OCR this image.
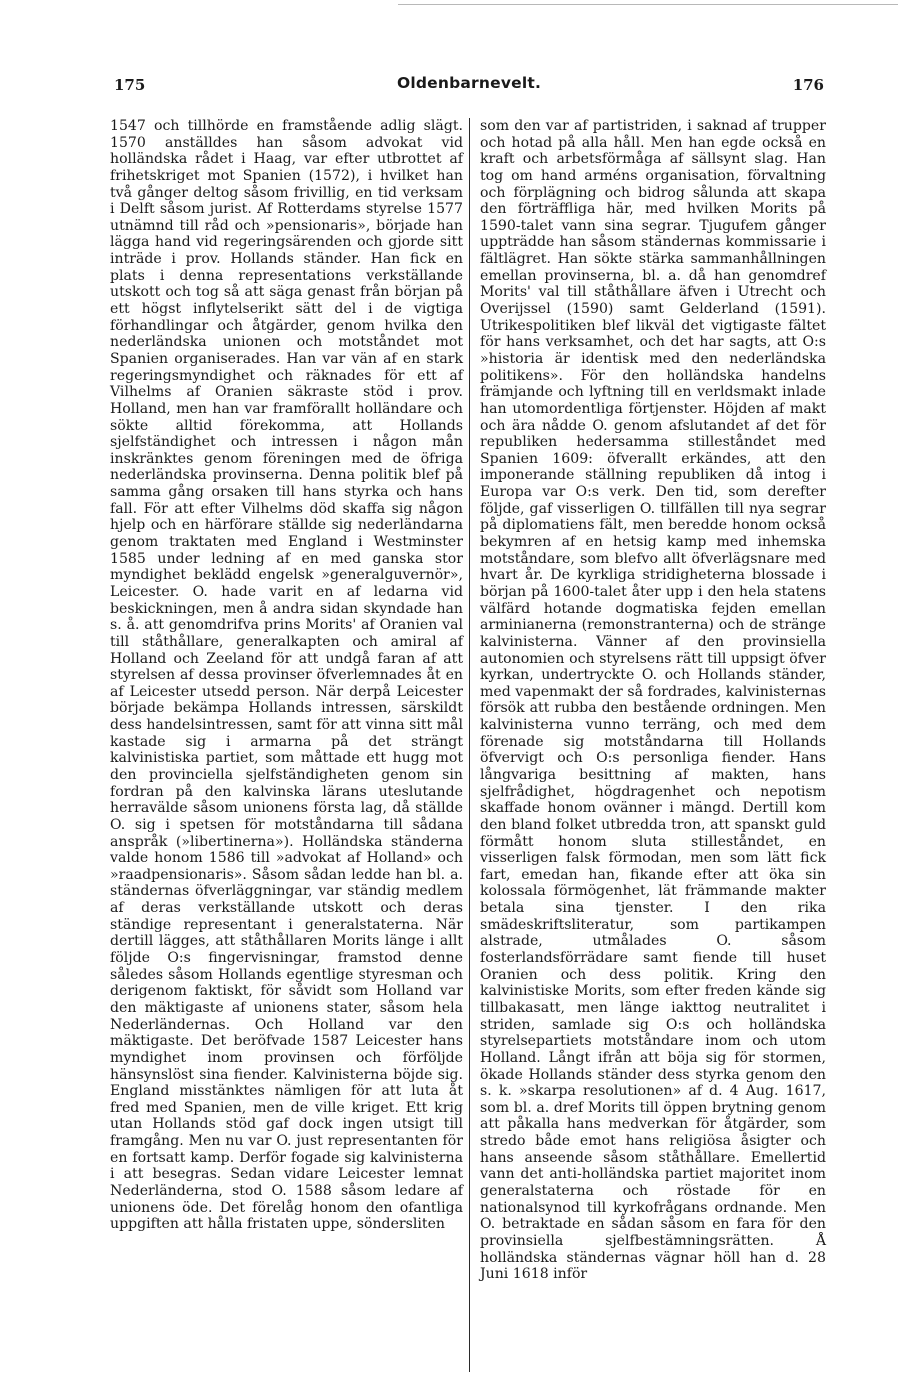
175	Oldenbarnevelt.	176

1547 och tillhörde en framstående adlig slägt. 1570 anställdes han såsom advokat vid holländska rådet i Haag, var efter utbrottet af frihetskriget mot Spanien (1572), i hvilket han två gånger deltog såsom frivillig, en tid verksam i Delft såsom jurist. Af Rotterdams styrelse 1577 utnämnd till råd och »pensionaris», började han lägga hand vid regeringsärenden och gjorde sitt inträde i prov. Hollands ständer. Han fick en plats i denna representations verkställande utskott och tog så att säga genast från början på ett högst inflytelserikt sätt del i de vigtiga förhandlingar och åtgärder, genom hvilka den nederländska unionen och motståndet mot Spanien organiserades. Han var vän af en stark regeringsmyndighet och räknades för ett af Vilhelms af Oranien säkraste stöd i prov. Holland, men han var framförallt holländare och sökte alltid förekomma, att Hollands sjelfständighet och intressen i någon mån inskränktes genom föreningen med de öfriga nederländska provinserna. Denna politik blef på samma gång orsaken till hans styrka och hans fall. För att efter Vilhelms död skaffa sig någon hjelp och en härförare ställde sig nederländarna genom traktaten med England i Westminster 1585 under ledning af en med ganska stor myndighet beklädd engelsk »generalguvernör», Leicester. O. hade varit en af ledarna vid beskickningen, men å andra sidan skyndade han s. å. att genomdrifva prins Morits' af Oranien val till ståthållare, generalkapten och amiral af Holland och Zeeland för att undgå faran af att styrelsen af dessa provinser öfverlemnades åt en af Leicester utsedd person. När derpå Leicester började bekämpa Hollands intressen, särskildt dess handelsintressen, samt för att vinna sitt mål kastade sig i armarna på det strängt kalvinistiska partiet, som måttade ett hugg mot den provinciella sjelfständigheten genom sin fordran på den kalvinska lärans uteslutande herravälde såsom unionens första lag, då ställde O. sig i spetsen för motståndarna till sådana anspråk (»libertinerna»). Holländska ständerna valde honom 1586 till »advokat af Holland» och »raadpensionaris». Såsom sådan ledde han bl. a. ständernas öfverläggningar, var ständig medlem af deras verkställande utskott och deras ständige representant i generalstaterna. När dertill lägges, att ståthållaren Morits länge i allt följde O:s fingervisningar, framstod denne således såsom Hollands egentlige styresman och derigenom faktiskt, för såvidt som Holland var den mäktigaste af unionens stater, såsom hela Nederländernas. Och Holland var den mäktigaste. Det beröfvade 1587 Leicester hans myndighet inom provinsen och förföljde hänsynslöst sina fiender. Kalvinisterna böjde sig. England misstänktes nämligen för att luta åt fred med Spanien, men de ville kriget. Ett krig utan Hollands stöd gaf dock ingen utsigt till framgång. Men nu var O. just representanten för en fortsatt kamp. Derför fogade sig kalvinisterna i att besegras. Sedan vidare Leicester lemnat Nederländerna, stod O. 1588 såsom ledare af unionens öde. Det förelåg honom den ofantliga uppgiften att hålla fristaten uppe, söndersliten

som den var af partistriden, i saknad af trupper och hotad på alla håll. Men han egde också en kraft och arbetsförmåga af sällsynt slag. Han tog om hand arméns organisation, förvaltning och förplägning och bidrog sålunda att skapa den förträffliga här, med hvilken Morits på 1590-talet vann sina segrar. Tjugufem gånger uppträdde han såsom ständernas kommissarie i fältlägret. Han sökte stärka sammanhållningen emellan provinserna, bl. a. då han genomdref Morits' val till ståthållare äfven i Utrecht och Overijssel (1590) samt Gelderland (1591). Utrikespolitiken blef likväl det vigtigaste fältet för hans verksamhet, och det har sagts, att O:s »historia är identisk med den nederländska politikens». För den holländska handelns främjande och lyftning till en verldsmakt inlade han utomordentliga förtjenster. Höjden af makt och ära nådde O. genom afslutandet af det för republiken hedersamma stilleståndet med Spanien 1609: öfverallt erkändes, att den imponerande ställning republiken då intog i Europa var O:s verk. Den tid, som derefter följde, gaf visserligen O. tillfällen till nya segrar på diplomatiens fält, men beredde honom också bekymren af en hetsig kamp med inhemska motståndare, som blefvo allt öfverlägsnare med hvart år. De kyrkliga stridigheterna blossade i början på 1600-talet åter upp i den hela statens välfärd hotande dogmatiska fejden emellan arminianerna (remonstranterna) och de stränge kalvinisterna. Vänner af den provinsiella autonomien och styrelsens rätt till uppsigt öfver kyrkan, undertryckte O. och Hollands ständer, med vapenmakt der så fordrades, kalvinisternas försök att rubba den bestående ordningen. Men kalvinisterna vunno terräng, och med dem förenade sig motståndarna till Hollands öfvervigt och O:s personliga fiender. Hans långvariga besittning af makten, hans sjelfrådighet, högdragenhet och nepotism skaffade honom ovänner i mängd. Dertill kom den bland folket utbredda tron, att spanskt guld förmått honom sluta stilleståndet, en visserligen falsk förmodan, men som lätt fick fart, emedan han, fikande efter att öka sin kolossala förmögenhet, lät främmande makter betala sina tjenster. I den rika smädeskriftsliteratur, som partikampen alstrade, utmålades O. såsom fosterlandsförrädare samt fiende till huset Oranien och dess politik. Kring den kalvinistiske Morits, som efter freden kände sig tillbakasatt, men länge iakttog neutralitet i striden, samlade sig O:s och holländska styrelsepartiets motståndare inom och utom Holland. Långt ifrån att böja sig för stormen, ökade Hollands ständer dess styrka genom den s. k. »skarpa resolutionen» af d. 4 Aug. 1617, som bl. a. dref Morits till öppen brytning genom att påkalla hans medverkan för åtgärder, som stredo både emot hans religiösa åsigter och hans anseende såsom ståthållare. Emellertid vann det anti-holländska partiet majoritet inom generalstaterna och röstade för en nationalsynod till kyrkofrågans ordnande. Men O. betraktade en sådan såsom en fara för den provinsiella sjelfbestämningsrätten. Å holländska ständernas vägnar höll han d. 28 Juni 1618 inför
